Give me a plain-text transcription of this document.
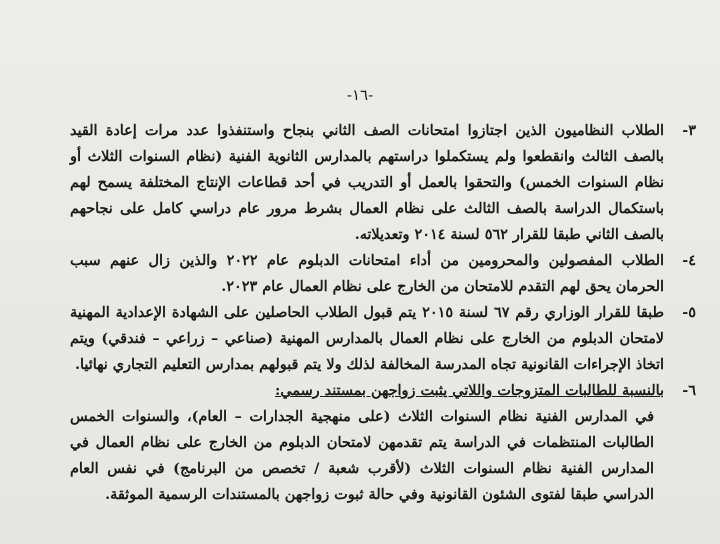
-١٦-

-٣
الطلاب النظاميون الذين اجتازوا امتحانات الصف الثاني بنجاح واستنفذوا عدد مرات إعادة القيد بالصف الثالث وانقطعوا ولم يستكملوا دراستهم بالمدارس الثانوية الفنية (نظام السنوات الثلاث أو نظام السنوات الخمس) والتحقوا بالعمل أو التدريب في أحد قطاعات الإنتاج المختلفة يسمح لهم باستكمال الدراسة بالصف الثالث على نظام العمال بشرط مرور عام دراسي كامل على نجاحهم بالصف الثاني طبقا للقرار ٥٦٢ لسنة ٢٠١٤ وتعديلاته.

-٤
الطلاب المفصولين والمحرومين من أداء امتحانات الدبلوم عام ٢٠٢٢ والذين زال عنهم سبب الحرمان يحق لهم التقدم للامتحان من الخارج على نظام العمال عام ٢٠٢٣.

-٥
طبقا للقرار الوزاري رقم ٦٧ لسنة ٢٠١٥ يتم قبول الطلاب الحاصلين على الشهادة الإعدادية المهنية لامتحان الدبلوم من الخارج على نظام العمال بالمدارس المهنية (صناعي – زراعي – فندقي) ويتم اتخاذ الإجراءات القانونية تجاه المدرسة المخالفة لذلك ولا يتم قبولهم بمدارس التعليم التجاري نهائيا.

-٦
بالنسبة للطالبات المتزوجات واللاتي يثبت زواجهن بمستند رسمي:

في المدارس الفنية نظام السنوات الثلاث (على منهجية الجدارات – العام)، والسنوات الخمس الطالبات المنتظمات في الدراسة يتم تقدمهن لامتحان الدبلوم من الخارج على نظام العمال في المدارس الفنية نظام السنوات الثلاث (لأقرب شعبة / تخصص من البرنامج) في نفس العام الدراسي طبقا لفتوى الشئون القانونية وفي حالة ثبوت زواجهن بالمستندات الرسمية الموثقة.
